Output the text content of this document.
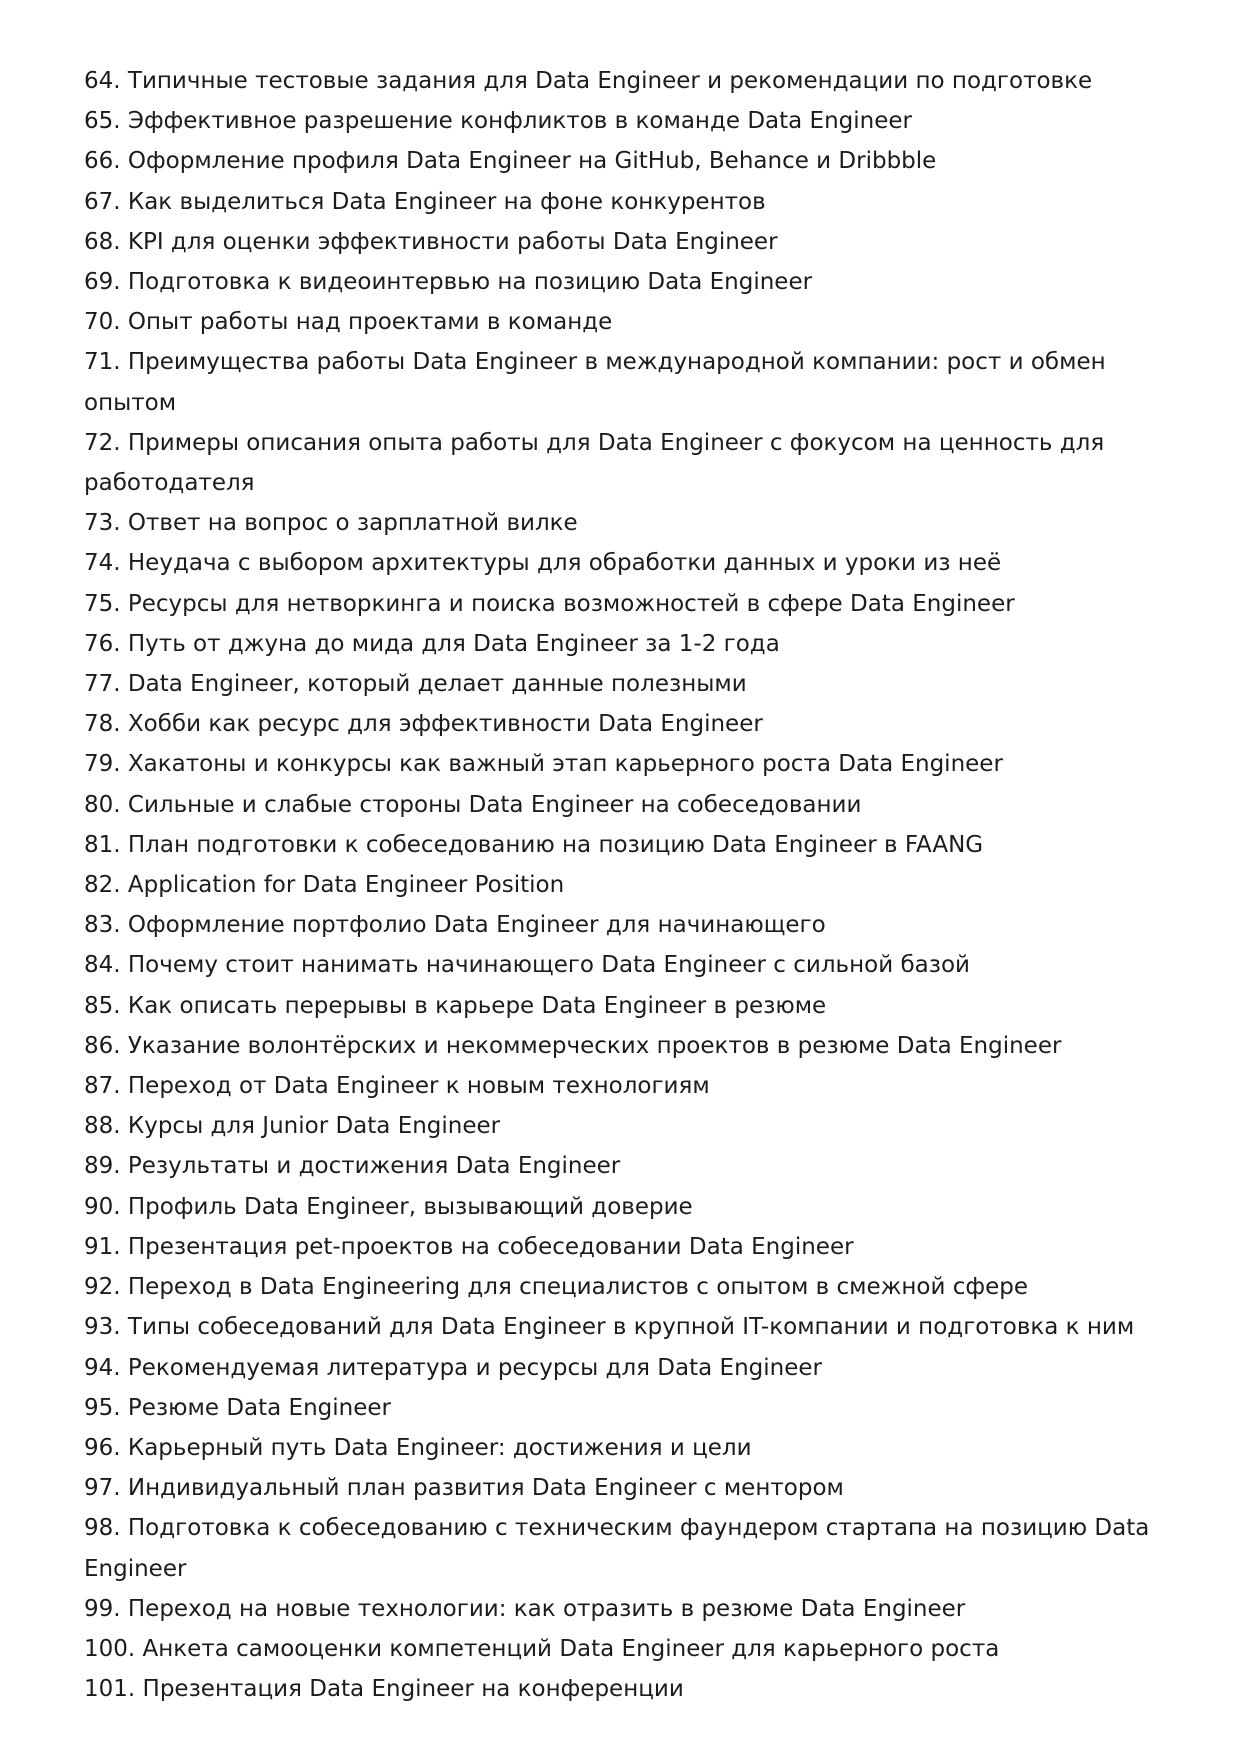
64. Типичные тестовые задания для Data Engineer и рекомендации по подготовке
65. Эффективное разрешение конфликтов в команде Data Engineer
66. Оформление профиля Data Engineer на GitHub, Behance и Dribbble
67. Как выделиться Data Engineer на фоне конкурентов
68. KPI для оценки эффективности работы Data Engineer
69. Подготовка к видеоинтервью на позицию Data Engineer
70. Опыт работы над проектами в команде
71. Преимущества работы Data Engineer в международной компании: рост и обмен опытом
72. Примеры описания опыта работы для Data Engineer с фокусом на ценность для работодателя
73. Ответ на вопрос о зарплатной вилке
74. Неудача с выбором архитектуры для обработки данных и уроки из неё
75. Ресурсы для нетворкинга и поиска возможностей в сфере Data Engineer
76. Путь от джуна до мида для Data Engineer за 1-2 года
77. Data Engineer, который делает данные полезными
78. Хобби как ресурс для эффективности Data Engineer
79. Хакатоны и конкурсы как важный этап карьерного роста Data Engineer
80. Сильные и слабые стороны Data Engineer на собеседовании
81. План подготовки к собеседованию на позицию Data Engineer в FAANG
82. Application for Data Engineer Position
83. Оформление портфолио Data Engineer для начинающего
84. Почему стоит нанимать начинающего Data Engineer с сильной базой
85. Как описать перерывы в карьере Data Engineer в резюме
86. Указание волонтёрских и некоммерческих проектов в резюме Data Engineer
87. Переход от Data Engineer к новым технологиям
88. Курсы для Junior Data Engineer
89. Результаты и достижения Data Engineer
90. Профиль Data Engineer, вызывающий доверие
91. Презентация pet-проектов на собеседовании Data Engineer
92. Переход в Data Engineering для специалистов с опытом в смежной сфере
93. Типы собеседований для Data Engineer в крупной IT-компании и подготовка к ним
94. Рекомендуемая литература и ресурсы для Data Engineer
95. Резюме Data Engineer
96. Карьерный путь Data Engineer: достижения и цели
97. Индивидуальный план развития Data Engineer с ментором
98. Подготовка к собеседованию с техническим фаундером стартапа на позицию Data Engineer
99. Переход на новые технологии: как отразить в резюме Data Engineer
100. Анкета самооценки компетенций Data Engineer для карьерного роста
101. Презентация Data Engineer на конференции
